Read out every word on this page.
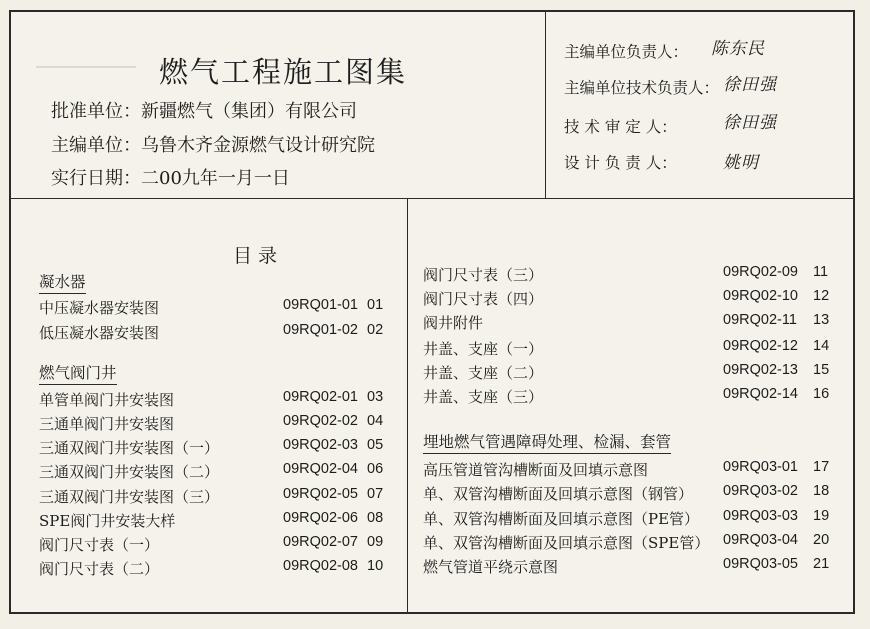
▔▔▔▔▔▔▔▔▔▔ 燃气工程施工图集
批准单位：新疆燃气（集团）有限公司
主编单位：乌鲁木齐金源燃气设计研究院
实行日期：二00九年一月一日
主编单位负责人： 陈东民
主编单位技术负责人： 徐田强
技 术 审 定 人：	徐田强
设 计 负 责 人：	姚明
目 录
凝水器
中压凝水器安装图	09RQ01-01 01
低压凝水器安装图	09RQ01-02 02
燃气阀门井
单管单阀门井安装图	09RQ02-01 03
三通单阀门井安装图	09RQ02-02 04
三通双阀门井安装图（一）	09RQ02-03 05
三通双阀门井安装图（二）	09RQ02-04 06
三通双阀门井安装图（三）	09RQ02-05 07
SPE阀门井安装大样	09RQ02-06 08
阀门尺寸表（一）	09RQ02-07 09
阀门尺寸表（二）	09RQ02-08 10
阀门尺寸表（三）	09RQ02-09 11
阀门尺寸表（四）	09RQ02-10 12
阀井附件	09RQ02-11 13
井盖、支座（一）	09RQ02-12 14
井盖、支座（二）	09RQ02-13 15
井盖、支座（三）	09RQ02-14 16
埋地燃气管遇障碍处理、检漏、套管
高压管道管沟槽断面及回填示意图	09RQ03-01 17
单、双管沟槽断面及回填示意图（钢管） 09RQ03-02 18
单、双管沟槽断面及回填示意图（PE管） 09RQ03-03 19
单、双管沟槽断面及回填示意图（SPE管） 09RQ03-04 20
燃气管道平绕示意图	09RQ03-05 21
